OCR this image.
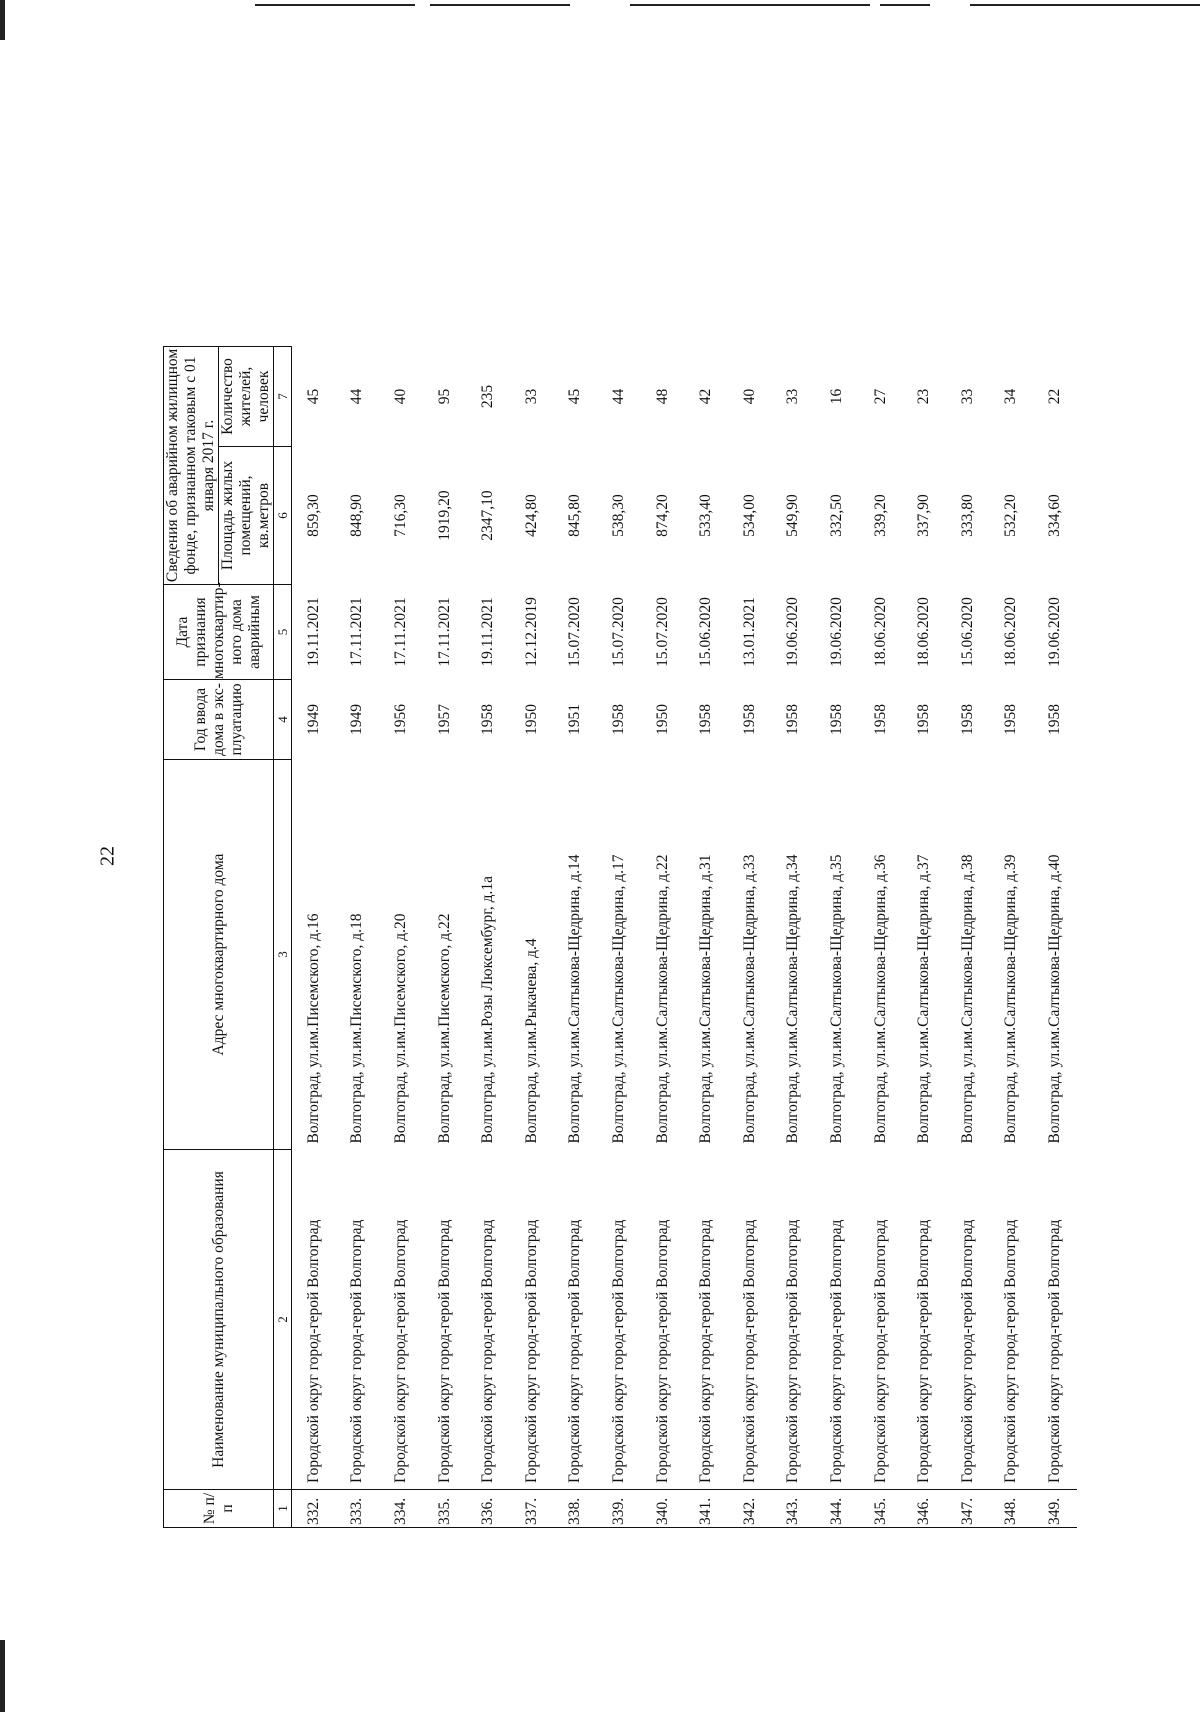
22
№ п/п	Наименование муниципального образования	Адрес многоквартирного дома	Год ввода дома в экс-плуатацию	Дата признания многоквартир-ного дома аварийным	Сведения об аварийном жилищном фонде, признанном таковым с 01 января 2017 г.		
					Площадь жилых помещений, кв.метров	Количество жителей, человек	
1	2	3	4	5	6	7	
332.	Городской округ город-герой Волгоград	Волгоград, ул.им.Писемского, д.16	1949	19.11.2021	859,30	45	
333.	Городской округ город-герой Волгоград	Волгоград, ул.им.Писемского, д.18	1949	17.11.2021	848,90	44	
334.	Городской округ город-герой Волгоград	Волгоград, ул.им.Писемского, д.20	1956	17.11.2021	716,30	40	
335.	Городской округ город-герой Волгоград	Волгоград, ул.им.Писемского, д.22	1957	17.11.2021	1919,20	95	
336.	Городской округ город-герой Волгоград	Волгоград, ул.им.Розы Люксембург, д.1а	1958	19.11.2021	2347,10	235	
337.	Городской округ город-герой Волгоград	Волгоград, ул.им.Рыкачева, д.4	1950	12.12.2019	424,80	33	
338.	Городской округ город-герой Волгоград	Волгоград, ул.им.Салтыкова-Щедрина, д.14	1951	15.07.2020	845,80	45	
339.	Городской округ город-герой Волгоград	Волгоград, ул.им.Салтыкова-Щедрина, д.17	1958	15.07.2020	538,30	44	
340.	Городской округ город-герой Волгоград	Волгоград, ул.им.Салтыкова-Щедрина, д.22	1950	15.07.2020	874,20	48	
341.	Городской округ город-герой Волгоград	Волгоград, ул.им.Салтыкова-Щедрина, д.31	1958	15.06.2020	533,40	42	
342.	Городской округ город-герой Волгоград	Волгоград, ул.им.Салтыкова-Щедрина, д.33	1958	13.01.2021	534,00	40	
343.	Городской округ город-герой Волгоград	Волгоград, ул.им.Салтыкова-Щедрина, д.34	1958	19.06.2020	549,90	33	
344.	Городской округ город-герой Волгоград	Волгоград, ул.им.Салтыкова-Щедрина, д.35	1958	19.06.2020	332,50	16	
345.	Городской округ город-герой Волгоград	Волгоград, ул.им.Салтыкова-Щедрина, д.36	1958	18.06.2020	339,20	27	
346.	Городской округ город-герой Волгоград	Волгоград, ул.им.Салтыкова-Щедрина, д.37	1958	18.06.2020	337,90	23	
347.	Городской округ город-герой Волгоград	Волгоград, ул.им.Салтыкова-Щедрина, д.38	1958	15.06.2020	333,80	33	
348.	Городской округ город-герой Волгоград	Волгоград, ул.им.Салтыкова-Щедрина, д.39	1958	18.06.2020	532,20	34	
349.	Городской округ город-герой Волгоград	Волгоград, ул.им.Салтыкова-Щедрина, д.40	1958	19.06.2020	334,60	22	
